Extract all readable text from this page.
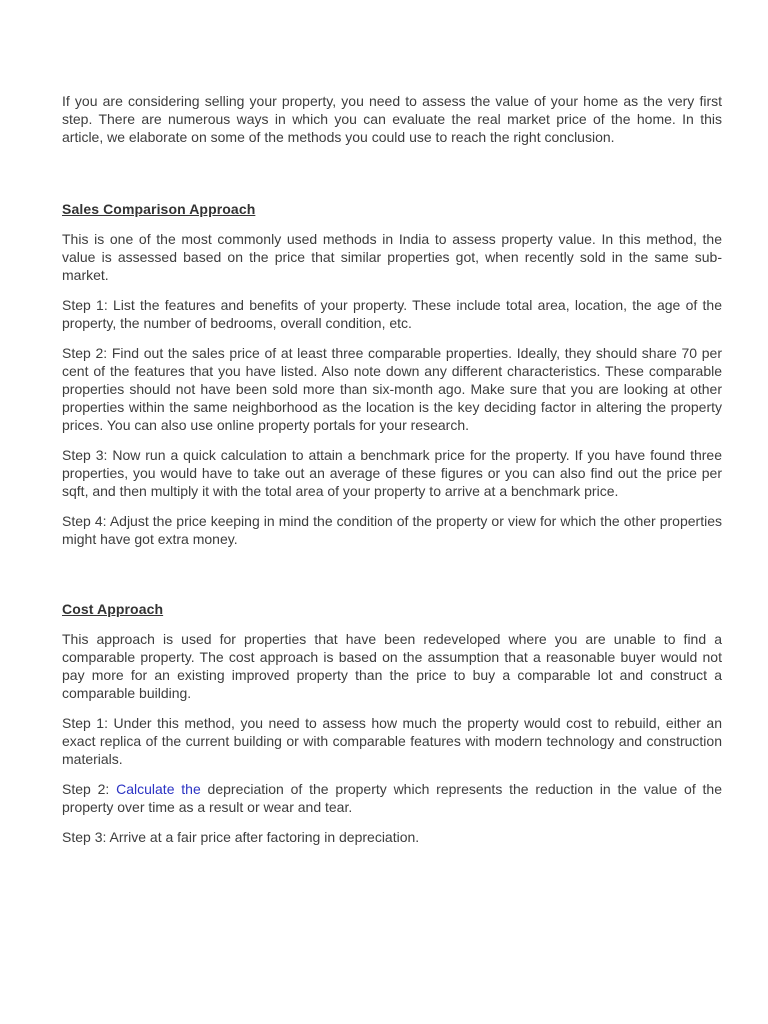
If you are considering selling your property, you need to assess the value of your home as the very first step. There are numerous ways in which you can evaluate the real market price of the home. In this article, we elaborate on some of the methods you could use to reach the right conclusion.

Sales Comparison Approach

This is one of the most commonly used methods in India to assess property value. In this method, the value is assessed based on the price that similar properties got, when recently sold in the same sub-market.

Step 1: List the features and benefits of your property. These include total area, location, the age of the property, the number of bedrooms, overall condition, etc.

Step 2: Find out the sales price of at least three comparable properties. Ideally, they should share 70 per cent of the features that you have listed. Also note down any different characteristics. These comparable properties should not have been sold more than six-month ago. Make sure that you are looking at other properties within the same neighborhood as the location is the key deciding factor in altering the property prices. You can also use online property portals for your research.

Step 3: Now run a quick calculation to attain a benchmark price for the property. If you have found three properties, you would have to take out an average of these figures or you can also find out the price per sqft, and then multiply it with the total area of your property to arrive at a benchmark price.

Step 4: Adjust the price keeping in mind the condition of the property or view for which the other properties might have got extra money.

Cost Approach

This approach is used for properties that have been redeveloped where you are unable to find a comparable property. The cost approach is based on the assumption that a reasonable buyer would not pay more for an existing improved property than the price to buy a comparable lot and construct a comparable building.

Step 1: Under this method, you need to assess how much the property would cost to rebuild, either an exact replica of the current building or with comparable features with modern technology and construction materials.

Step 2: Calculate the depreciation of the property which represents the reduction in the value of the property over time as a result or wear and tear.

Step 3: Arrive at a fair price after factoring in depreciation.
